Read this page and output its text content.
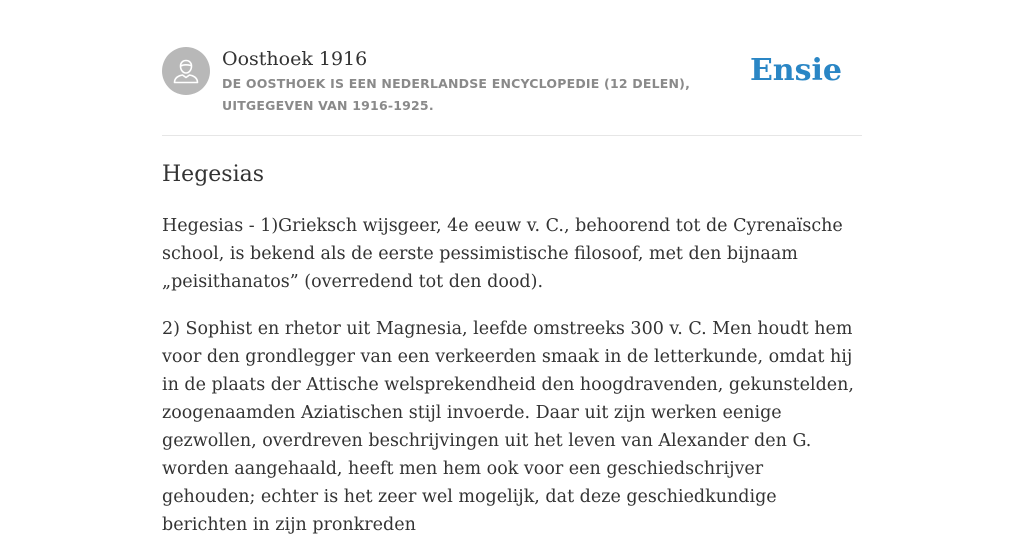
Oosthoek 1916
DE OOSTHOEK IS EEN NEDERLANDSE ENCYCLOPEDIE (12 DELEN), UITGEGEVEN VAN 1916-1925.
Ensie
Hegesias

Hegesias - 1)Grieksch wijsgeer, 4e eeuw v. C., behoorend tot de Cyrenaïsche school, is bekend als de eerste pessimistische filosoof, met den bijnaam „peisithanatos” (overredend tot den dood).

2) Sophist en rhetor uit Magnesia, leefde omstreeks 300 v. C. Men houdt hem voor den grondlegger van een verkeerden smaak in de letterkunde, omdat hij in de plaats der Attische welsprekendheid den hoogdravenden, gekunstelden, zoogenaamden Aziatischen stijl invoerde. Daar uit zijn werken eenige gezwollen, overdreven beschrijvingen uit het leven van Alexander den G. worden aangehaald, heeft men hem ook voor een geschiedschrijver gehouden; echter is het zeer wel mogelijk, dat deze geschiedkundige berichten in zijn pronkreden
